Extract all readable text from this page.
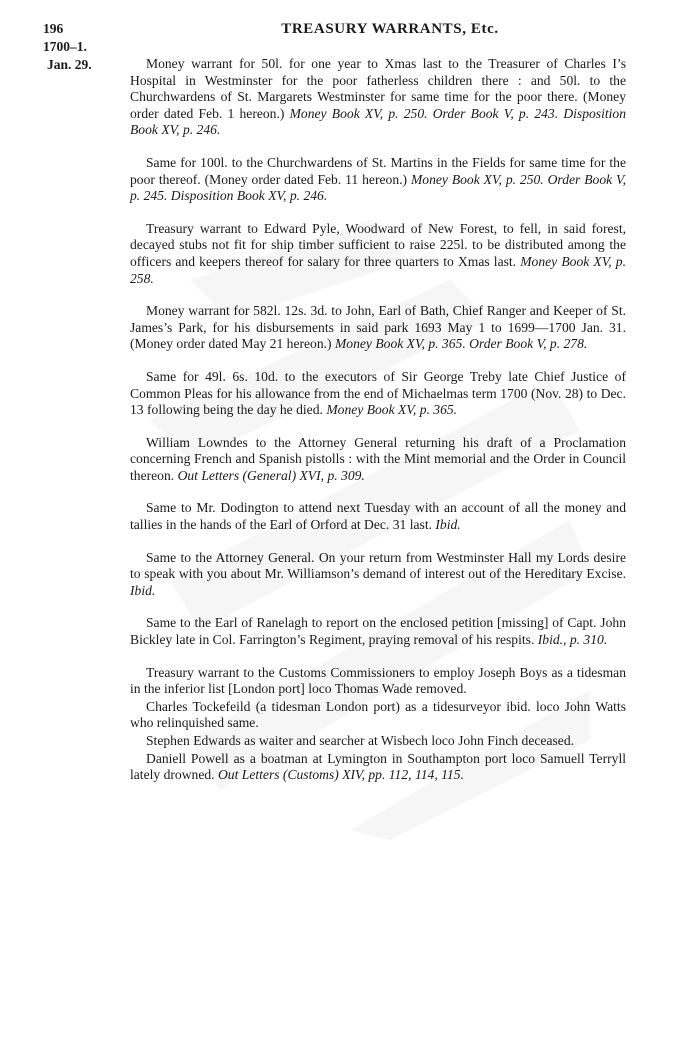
196	TREASURY WARRANTS, Etc.
1700–1.
Jan. 29.	Money warrant for 50l. for one year to Xmas last to the Treasurer of Charles I’s Hospital in Westminster for the poor fatherless children there : and 50l. to the Churchwardens of St. Margarets Westminster for same time for the poor there. (Money order dated Feb. 1 hereon.) Money Book XV, p. 250. Order Book V, p. 243. Disposition Book XV, p. 246.

Same for 100l. to the Churchwardens of St. Martins in the Fields for same time for the poor thereof. (Money order dated Feb. 11 hereon.) Money Book XV, p. 250. Order Book V, p. 245. Disposition Book XV, p. 246.

Treasury warrant to Edward Pyle, Woodward of New Forest, to fell, in said forest, decayed stubs not fit for ship timber sufficient to raise 225l. to be distributed among the officers and keepers thereof for salary for three quarters to Xmas last. Money Book XV, p. 258.

Money warrant for 582l. 12s. 3d. to John, Earl of Bath, Chief Ranger and Keeper of St. James’s Park, for his disbursements in said park 1693 May 1 to 1699—1700 Jan. 31. (Money order dated May 21 hereon.) Money Book XV, p. 365. Order Book V, p. 278.

Same for 49l. 6s. 10d. to the executors of Sir George Treby late Chief Justice of Common Pleas for his allowance from the end of Michaelmas term 1700 (Nov. 28) to Dec. 13 following being the day he died. Money Book XV, p. 365.

William Lowndes to the Attorney General returning his draft of a Proclamation concerning French and Spanish pistolls : with the Mint memorial and the Order in Council thereon. Out Letters (General) XVI, p. 309.

Same to Mr. Dodington to attend next Tuesday with an account of all the money and tallies in the hands of the Earl of Orford at Dec. 31 last. Ibid.

Same to the Attorney General. On your return from Westminster Hall my Lords desire to speak with you about Mr. Williamson’s demand of interest out of the Hereditary Excise. Ibid.

Same to the Earl of Ranelagh to report on the enclosed petition [missing] of Capt. John Bickley late in Col. Farrington’s Regiment, praying removal of his respits. Ibid., p. 310.

Treasury warrant to the Customs Commissioners to employ Joseph Boys as a tidesman in the inferior list [London port] loco Thomas Wade removed.

Charles Tockefeild (a tidesman London port) as a tidesurveyor ibid. loco John Watts who relinquished same.

Stephen Edwards as waiter and searcher at Wisbech loco John Finch deceased.

Daniell Powell as a boatman at Lymington in Southampton port loco Samuell Terryll lately drowned. Out Letters (Customs) XIV, pp. 112, 114, 115.
